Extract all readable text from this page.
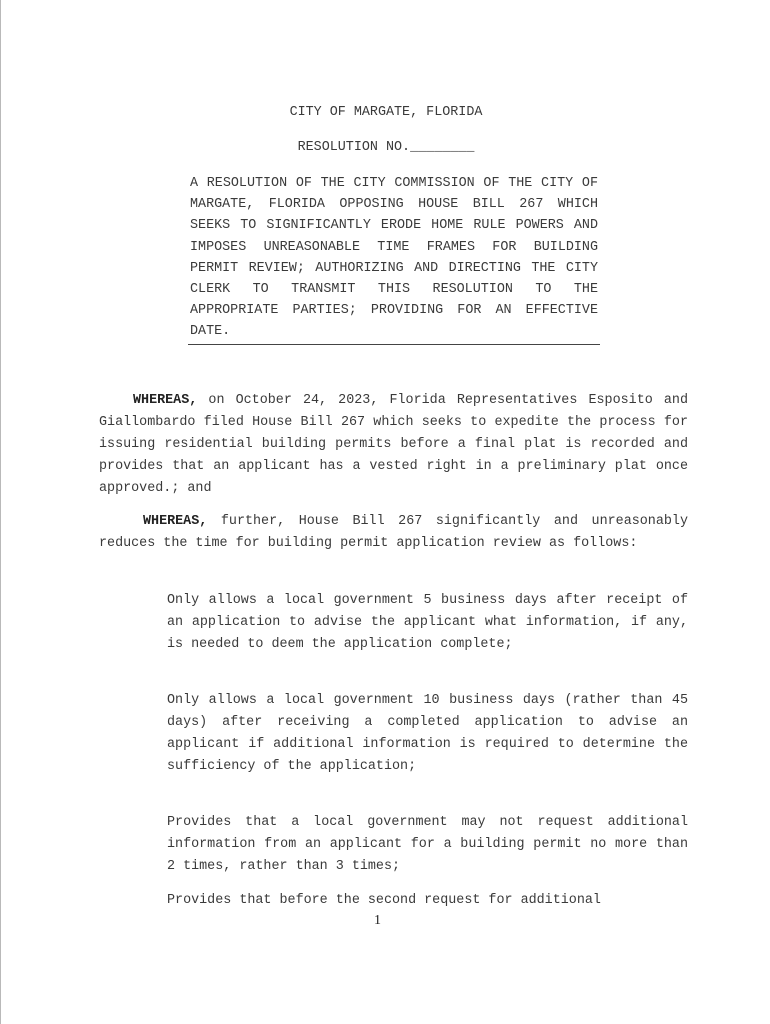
CITY OF MARGATE, FLORIDA

RESOLUTION NO.________

A RESOLUTION OF THE CITY COMMISSION OF THE CITY OF MARGATE, FLORIDA OPPOSING HOUSE BILL 267 WHICH SEEKS TO SIGNIFICANTLY ERODE HOME RULE POWERS AND IMPOSES UNREASONABLE TIME FRAMES FOR BUILDING PERMIT REVIEW; AUTHORIZING AND DIRECTING THE CITY CLERK TO TRANSMIT THIS RESOLUTION TO THE APPROPRIATE PARTIES; PROVIDING FOR AN EFFECTIVE DATE.

WHEREAS, on October 24, 2023, Florida Representatives Esposito and Giallombardo filed House Bill 267 which seeks to expedite the process for issuing residential building permits before a final plat is recorded and provides that an applicant has a vested right in a preliminary plat once approved.; and

WHEREAS, further, House Bill 267 significantly and unreasonably reduces the time for building permit application review as follows:

Only allows a local government 5 business days after receipt of an application to advise the applicant what information, if any, is needed to deem the application complete;

Only allows a local government 10 business days (rather than 45 days) after receiving a completed application to advise an applicant if additional information is required to determine the sufficiency of the application;

Provides that a local government may not request additional information from an applicant for a building permit no more than 2 times, rather than 3 times;

Provides that before the second request for additional

1
